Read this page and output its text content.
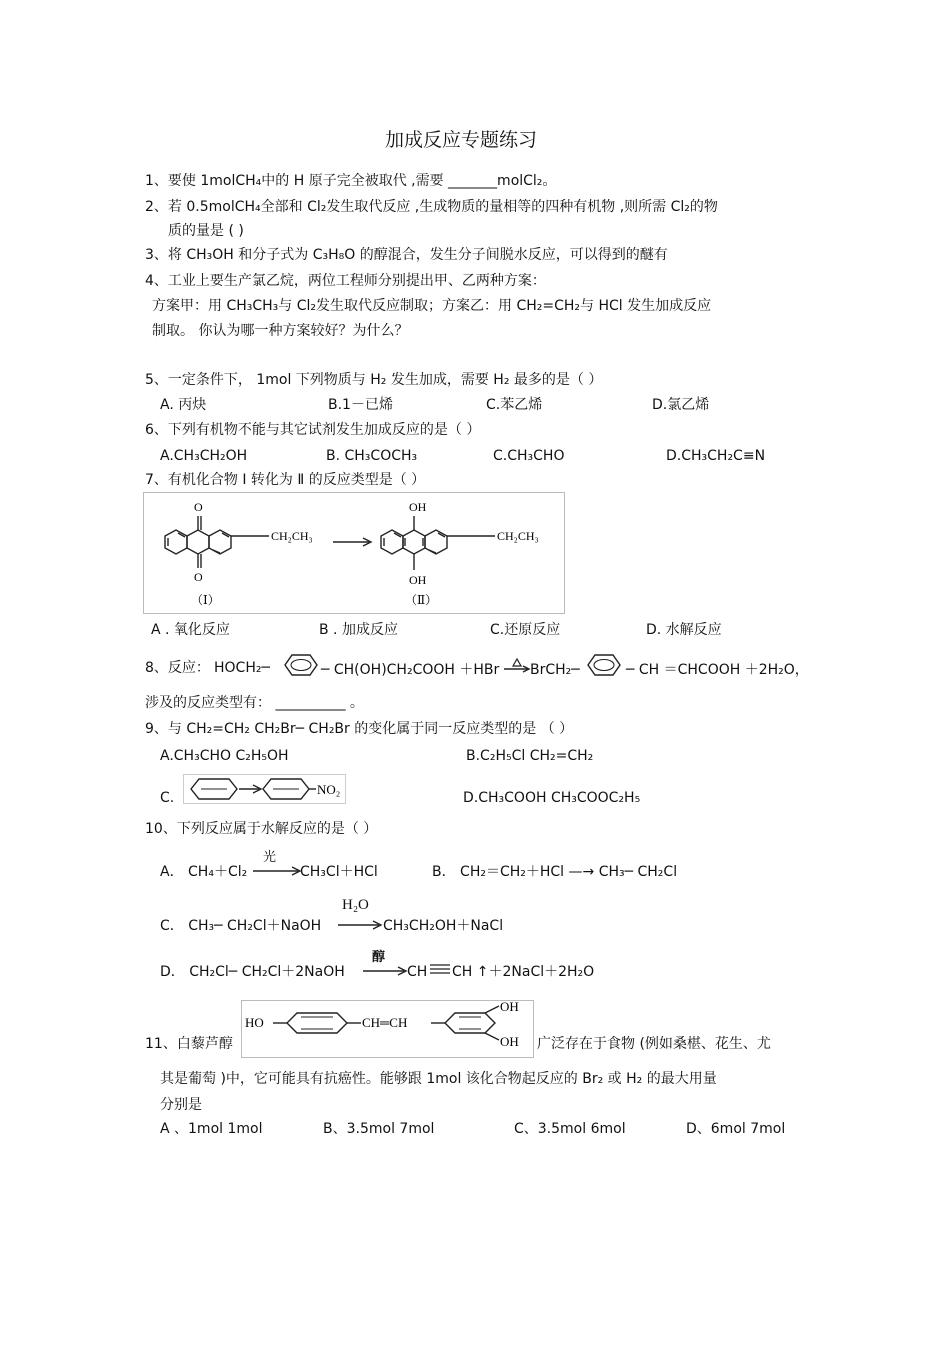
加成反应专题练习
1、要使 1molCH₄中的 H 原子完全被取代 ,需要 _______molCl₂。
2、若 0.5molCH₄全部和 Cl₂发生取代反应 ,生成物质的量相等的四种有机物 ,则所需 Cl₂的物
质的量是 ( )
3、将 CH₃OH 和分子式为 C₃H₈O 的醇混合，发生分子间脱水反应，可以得到的醚有
4、工业上要生产氯乙烷，两位工程师分别提出甲、乙两种方案：
方案甲：用 CH₃CH₃与 Cl₂发生取代反应制取；方案乙：用 CH₂=CH₂与 HCl 发生加成反应
制取。 你认为哪一种方案较好？为什么？
5、一定条件下， 1mol 下列物质与 H₂ 发生加成，需要 H₂ 最多的是（ ）
A. 丙炔	B.1－已烯	C.苯乙烯	D.氯乙烯
6、下列有机物不能与其它试剂发生加成反应的是（ ）
A.CH₃CH₂OH	B. CH₃COCH₃	C.CH₃CHO	D.CH₃CH₂C≡N
7、有机化合物 Ⅰ 转化为 Ⅱ 的反应类型是（ ）
O
O
CH₂CH₃
（Ⅰ）
OH
OH
CH₂CH₃
（Ⅱ）
A . 氧化反应	B . 加成反应	C.还原反应	D. 水解反应
8、反应： HOCH₂─	─ CH(OH)CH₂COOH ＋HBr BrCH₂─	─ CH ＝CHCOOH ＋2H₂O，
涉及的反应类型有： __________ 。
9、与 CH₂=CH₂ CH₂Br─ CH₂Br 的变化属于同一反应类型的是 （ ）
A.CH₃CHO C₂H₅OH	B.C₂H₅Cl CH₂=CH₂
C.
NO₂
D.CH₃COOH CH₃COOC₂H₅
10、下列反应属于水解反应的是（ ）
A． CH₄＋Cl₂
光
CH₃Cl＋HCl	B． CH₂＝CH₂＋HCl —→ CH₃─ CH₂Cl
C． CH₃─ CH₂Cl＋NaOH
H₂O
→ CH₃CH₂OH＋NaCl
D． CH₂Cl─ CH₂Cl＋2NaOH
醇
→ CH CH ↑＋2NaCl＋2H₂O
11、白藜芦醇
HO	CH═CH
OH
OH 广泛存在于食物 (例如桑椹、花生、尤
其是葡萄 )中，它可能具有抗癌性。能够跟 1mol 该化合物起反应的 Br₂ 或 H₂ 的最大用量
分别是
A 、1mol 1mol	B、3.5mol 7mol	C、3.5mol 6mol	D、6mol 7mol
